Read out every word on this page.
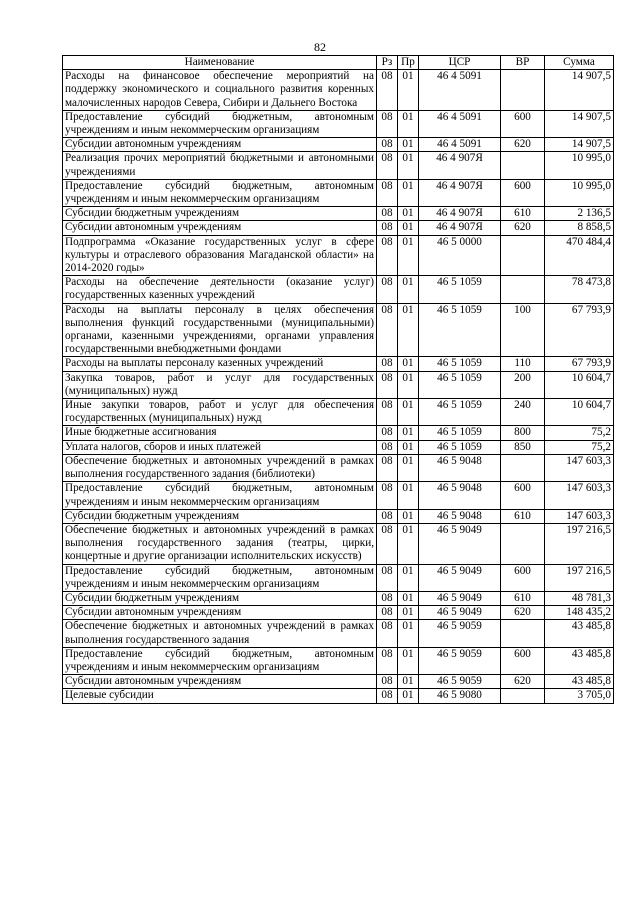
82
Наименование	Рз	Пр	ЦСР	ВР	Сумма
Расходы на финансовое обеспечение мероприятий на поддержку экономического и социального развития коренных малочисленных народов Севера, Сибири и Дальнего Востока	08	01	46 4 5091		14 907,5
Предоставление субсидий бюджетным, автономным учреждениям и иным некоммерческим организациям	08	01	46 4 5091	600	14 907,5
Субсидии автономным учреждениям	08	01	46 4 5091	620	14 907,5
Реализация прочих мероприятий бюджетными и автономными учреждениями	08	01	46 4 907Я		10 995,0
Предоставление субсидий бюджетным, автономным учреждениям и иным некоммерческим организациям	08	01	46 4 907Я	600	10 995,0
Субсидии бюджетным учреждениям	08	01	46 4 907Я	610	2 136,5
Субсидии автономным учреждениям	08	01	46 4 907Я	620	8 858,5
Подпрограмма «Оказание государственных услуг в сфере культуры и отраслевого образования Магаданской области» на 2014-2020 годы»	08	01	46 5 0000		470 484,4
Расходы на обеспечение деятельности (оказание услуг) государственных казенных учреждений	08	01	46 5 1059		78 473,8
Расходы на выплаты персоналу в целях обеспечения выполнения функций государственными (муниципальными) органами, казенными учреждениями, органами управления государственными внебюджетными фондами	08	01	46 5 1059	100	67 793,9
Расходы на выплаты персоналу казенных учреждений	08	01	46 5 1059	110	67 793,9
Закупка товаров, работ и услуг для государственных (муниципальных) нужд	08	01	46 5 1059	200	10 604,7
Иные закупки товаров, работ и услуг для обеспечения государственных (муниципальных) нужд	08	01	46 5 1059	240	10 604,7
Иные бюджетные ассигнования	08	01	46 5 1059	800	75,2
Уплата налогов, сборов и иных платежей	08	01	46 5 1059	850	75,2
Обеспечение бюджетных и автономных учреждений в рамках выполнения государственного задания (библиотеки)	08	01	46 5 9048		147 603,3
Предоставление субсидий бюджетным, автономным учреждениям и иным некоммерческим организациям	08	01	46 5 9048	600	147 603,3
Субсидии бюджетным учреждениям	08	01	46 5 9048	610	147 603,3
Обеспечение бюджетных и автономных учреждений в рамках выполнения государственного задания (театры, цирки, концертные и другие организации исполнительских искусств)	08	01	46 5 9049		197 216,5
Предоставление субсидий бюджетным, автономным учреждениям и иным некоммерческим организациям	08	01	46 5 9049	600	197 216,5
Субсидии бюджетным учреждениям	08	01	46 5 9049	610	48 781,3
Субсидии автономным учреждениям	08	01	46 5 9049	620	148 435,2
Обеспечение бюджетных и автономных учреждений в рамках выполнения государственного задания	08	01	46 5 9059		43 485,8
Предоставление субсидий бюджетным, автономным учреждениям и иным некоммерческим организациям	08	01	46 5 9059	600	43 485,8
Субсидии автономным учреждениям	08	01	46 5 9059	620	43 485,8
Целевые субсидии	08	01	46 5 9080		3 705,0
